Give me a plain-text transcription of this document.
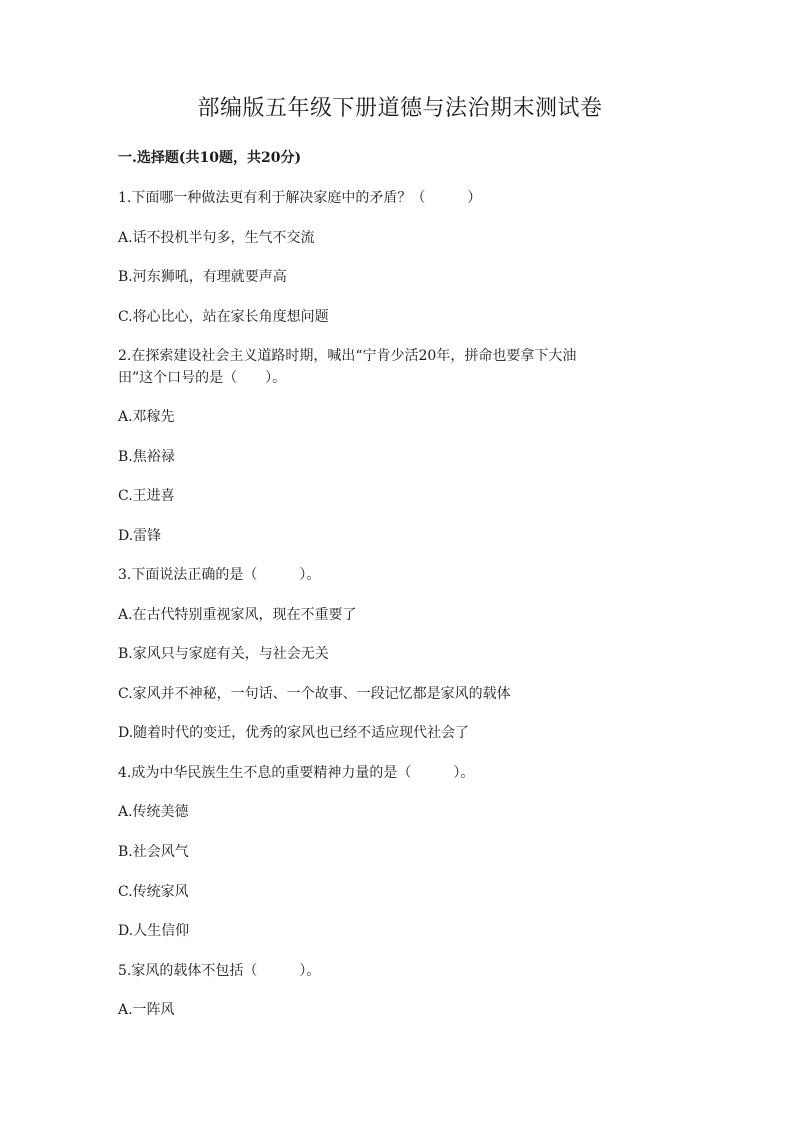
部编版五年级下册道德与法治期末测试卷
一.选择题(共10题，共20分)
1.下面哪一种做法更有利于解决家庭中的矛盾？（　　　）
A.话不投机半句多，生气不交流
B.河东狮吼，有理就要声高
C.将心比心，站在家长角度想问题
2.在探索建设社会主义道路时期，喊出“宁肯少活20年，拼命也要拿下大油
田”这个口号的是（　　）。
A.邓稼先
B.焦裕禄
C.王进喜
D.雷锋
3.下面说法正确的是（　　　）。
A.在古代特别重视家风，现在不重要了
B.家风只与家庭有关，与社会无关
C.家风并不神秘，一句话、一个故事、一段记忆都是家风的载体
D.随着时代的变迁，优秀的家风也已经不适应现代社会了
4.成为中华民族生生不息的重要精神力量的是（　　　）。
A.传统美德
B.社会风气
C.传统家风
D.人生信仰
5.家风的载体不包括（　　　）。
A.一阵风
